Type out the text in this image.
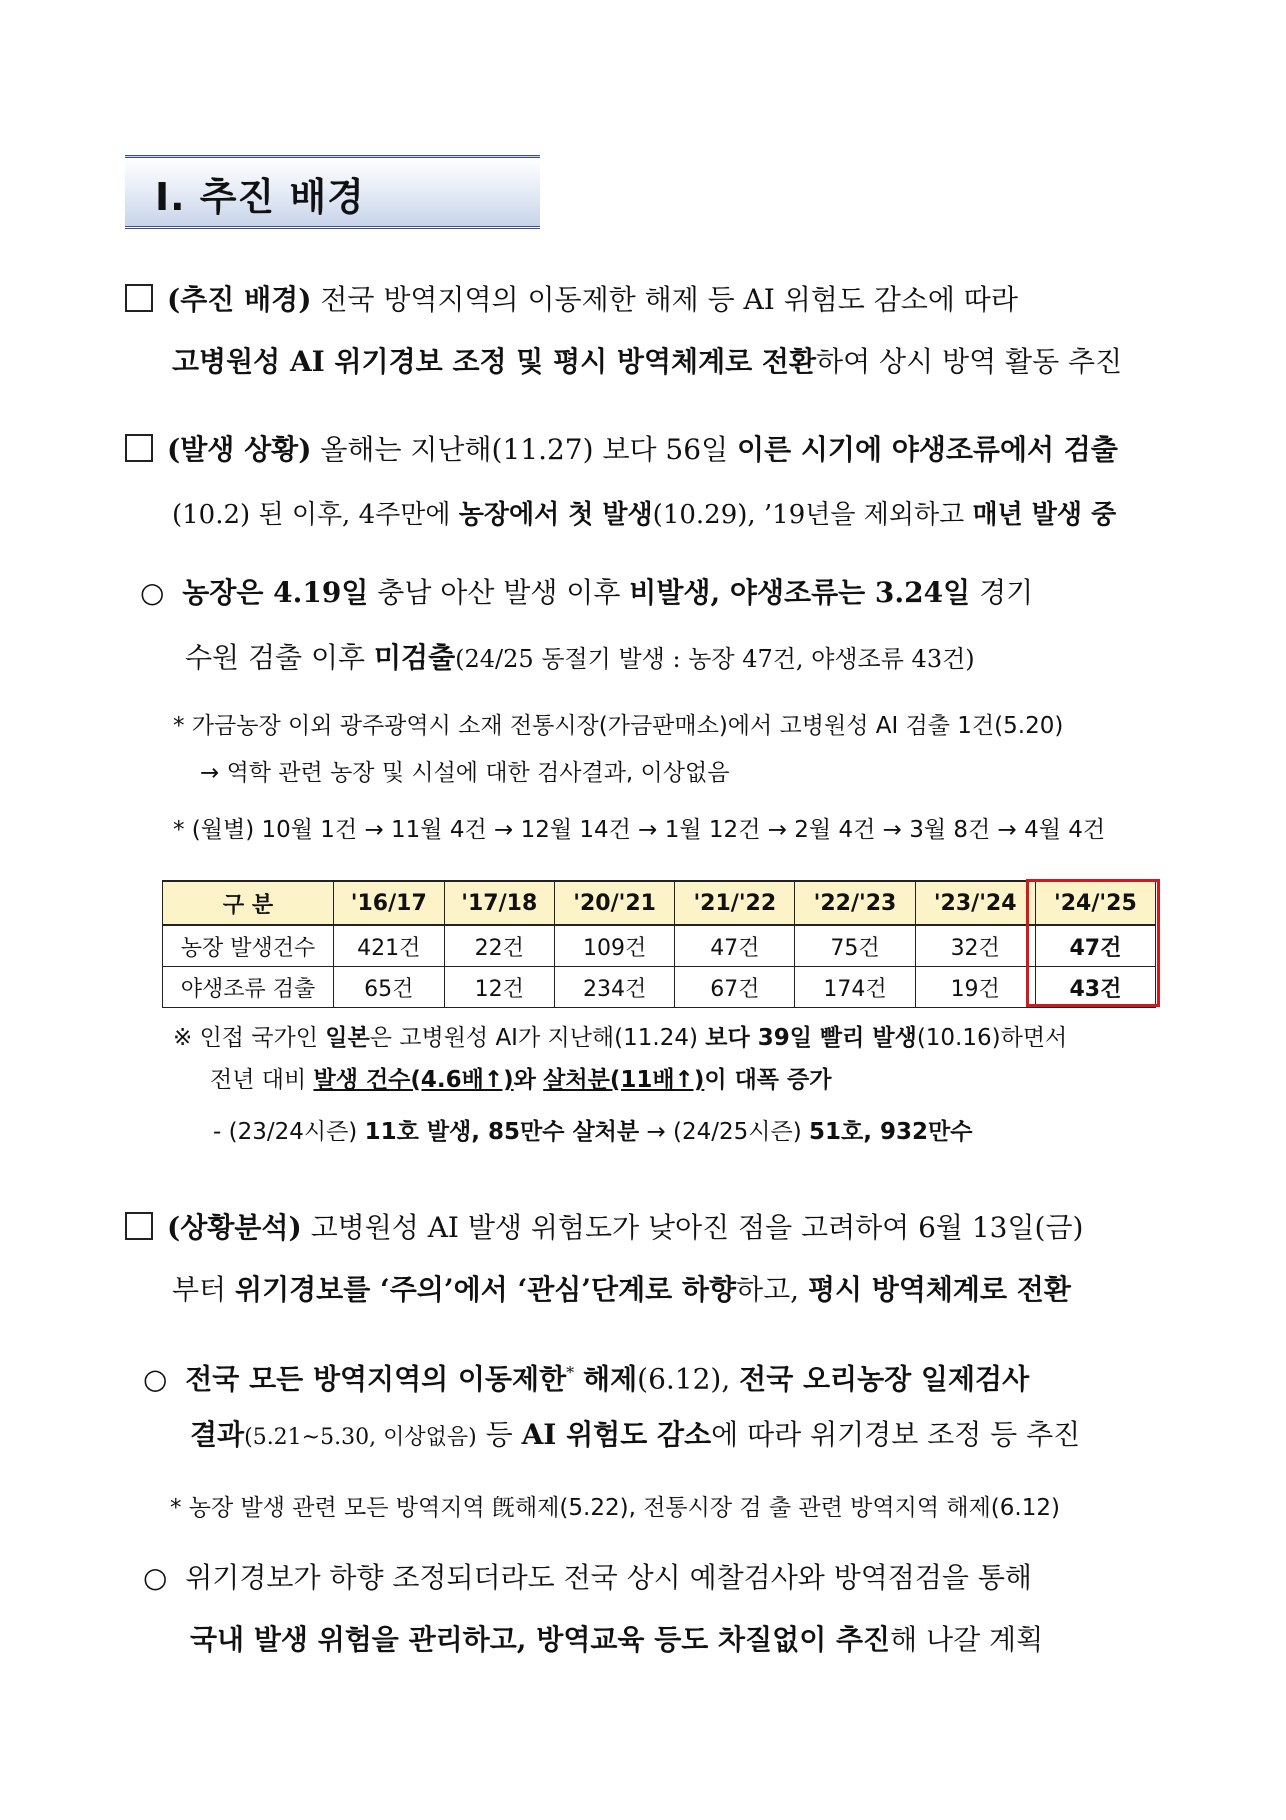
Ⅰ. 추진 배경
(추진 배경) 전국 방역지역의 이동제한 해제 등 AI 위험도 감소에 따라
고병원성 AI 위기경보 조정 및 평시 방역체계로 전환하여 상시 방역 활동 추진
(발생 상황) 올해는 지난해(11.27) 보다 56일 이른 시기에 야생조류에서 검출
(10.2) 된 이후, 4주만에 농장에서 첫 발생(10.29), ’19년을 제외하고 매년 발생 중
○ 농장은 4.19일 충남 아산 발생 이후 비발생, 야생조류는 3.24일 경기
수원 검출 이후 미검출(24/25 동절기 발생 : 농장 47건, 야생조류 43건)
* 가금농장 이외 광주광역시 소재 전통시장(가금판매소)에서 고병원성 AI 검출 1건(5.20)
→ 역학 관련 농장 및 시설에 대한 검사결과, 이상없음
* (월별) 10월 1건 → 11월 4건 → 12월 14건 → 1월 12건 → 2월 4건 → 3월 8건 → 4월 4건
구 분	'16/17	'17/18	'20/'21	'21/'22	'22/'23	'23/'24	'24/'25
농장 발생건수	421건	22건	109건	47건	75건	32건	47건
야생조류 검출	65건	12건	234건	67건	174건	19건	43건
※ 인접 국가인 일본은 고병원성 AI가 지난해(11.24) 보다 39일 빨리 발생(10.16)하면서
전년 대비 발생 건수(4.6배↑)와 살처분(11배↑)이 대폭 증가
- (23/24시즌) 11호 발생, 85만수 살처분 → (24/25시즌) 51호, 932만수
(상황분석) 고병원성 AI 발생 위험도가 낮아진 점을 고려하여 6월 13일(금)
부터 위기경보를 ‘주의’에서 ‘관심’단계로 하향하고, 평시 방역체계로 전환
○ 전국 모든 방역지역의 이동제한* 해제(6.12), 전국 오리농장 일제검사
결과(5.21~5.30, 이상없음) 등 AI 위험도 감소에 따라 위기경보 조정 등 추진
* 농장 발생 관련 모든 방역지역 旣해제(5.22), 전통시장 검 출 관련 방역지역 해제(6.12)
○ 위기경보가 하향 조정되더라도 전국 상시 예찰검사와 방역점검을 통해
국내 발생 위험을 관리하고, 방역교육 등도 차질없이 추진해 나갈 계획
